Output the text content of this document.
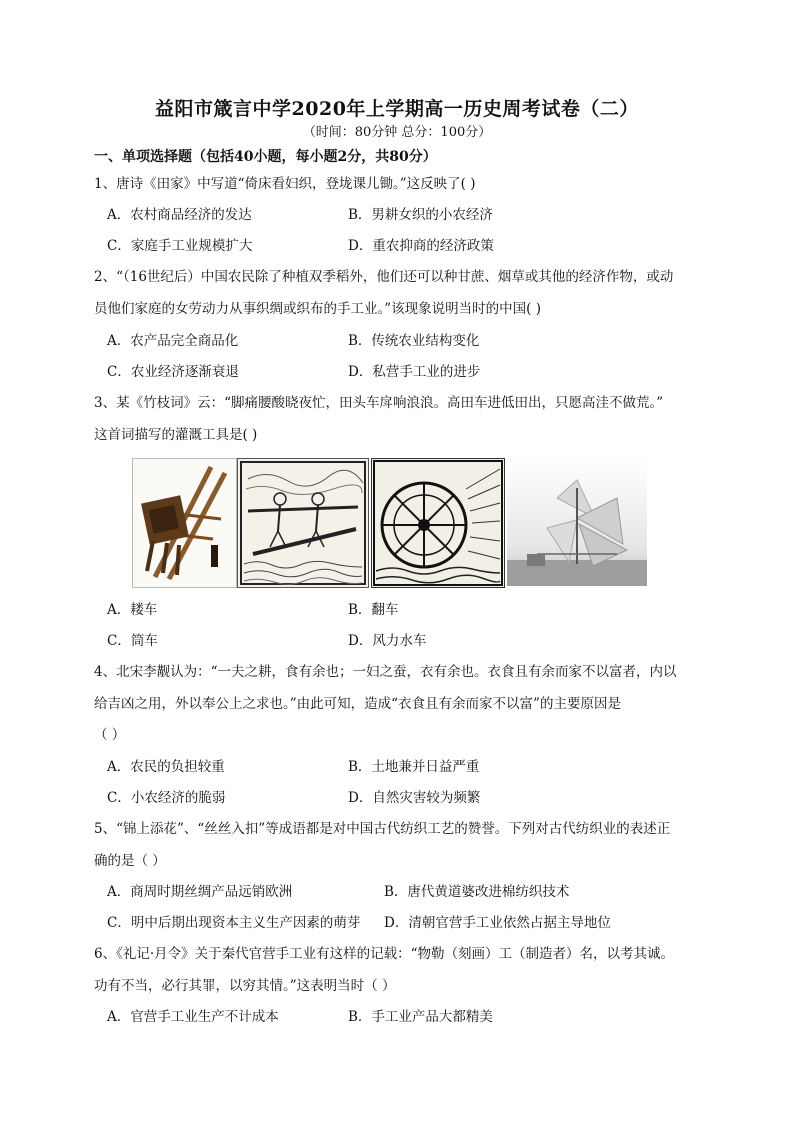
益阳市箴言中学2020年上学期高一历史周考试卷（二）
（时间：80分钟 总分：100分）
一、单项选择题（包括40小题，每小题2分，共80分）
1、唐诗《田家》中写道“倚床看妇织，登垅课儿锄。”这反映了( )
A．农村商品经济的发达	B．男耕女织的小农经济
C．家庭手工业规模扩大	D．重农抑商的经济政策
2、“（16世纪后）中国农民除了种植双季稻外，他们还可以种甘蔗、烟草或其他的经济作物，或动
员他们家庭的女劳动力从事织绸或织布的手工业。”该现象说明当时的中国( )
A．农产品完全商品化	B．传统农业结构变化
C．农业经济逐渐衰退	D．私营手工业的进步
3、某《竹枝词》云：“脚痛腰酸晓夜忙，田头车戽响浪浪。高田车进低田出，只愿高洼不做荒。”
这首词描写的灌溉工具是( )
A．耧车	B．翻车
C．筒车	D．风力水车
4、北宋李觏认为：“一夫之耕，食有余也；一妇之蚕，衣有余也。衣食且有余而家不以富者，内以
给吉凶之用，外以奉公上之求也。”由此可知，造成“衣食且有余而家不以富”的主要原因是
（ ）
A．农民的负担较重	B．土地兼并日益严重
C．小农经济的脆弱	D．自然灾害较为频繁
5、“锦上添花”、“丝丝入扣”等成语都是对中国古代纺织工艺的赞誉。下列对古代纺织业的表述正
确的是（ ）
A．商周时期丝绸产品远销欧洲	B．唐代黄道婆改进棉纺织技术
C．明中后期出现资本主义生产因素的萌芽 D．清朝官营手工业依然占据主导地位
6、《礼记·月令》关于秦代官营手工业有这样的记载：“物勒（刻画）工（制造者）名，以考其诚。
功有不当，必行其罪，以穷其情。”这表明当时（ ）
A．官营手工业生产不计成本	B．手工业产品大都精美
